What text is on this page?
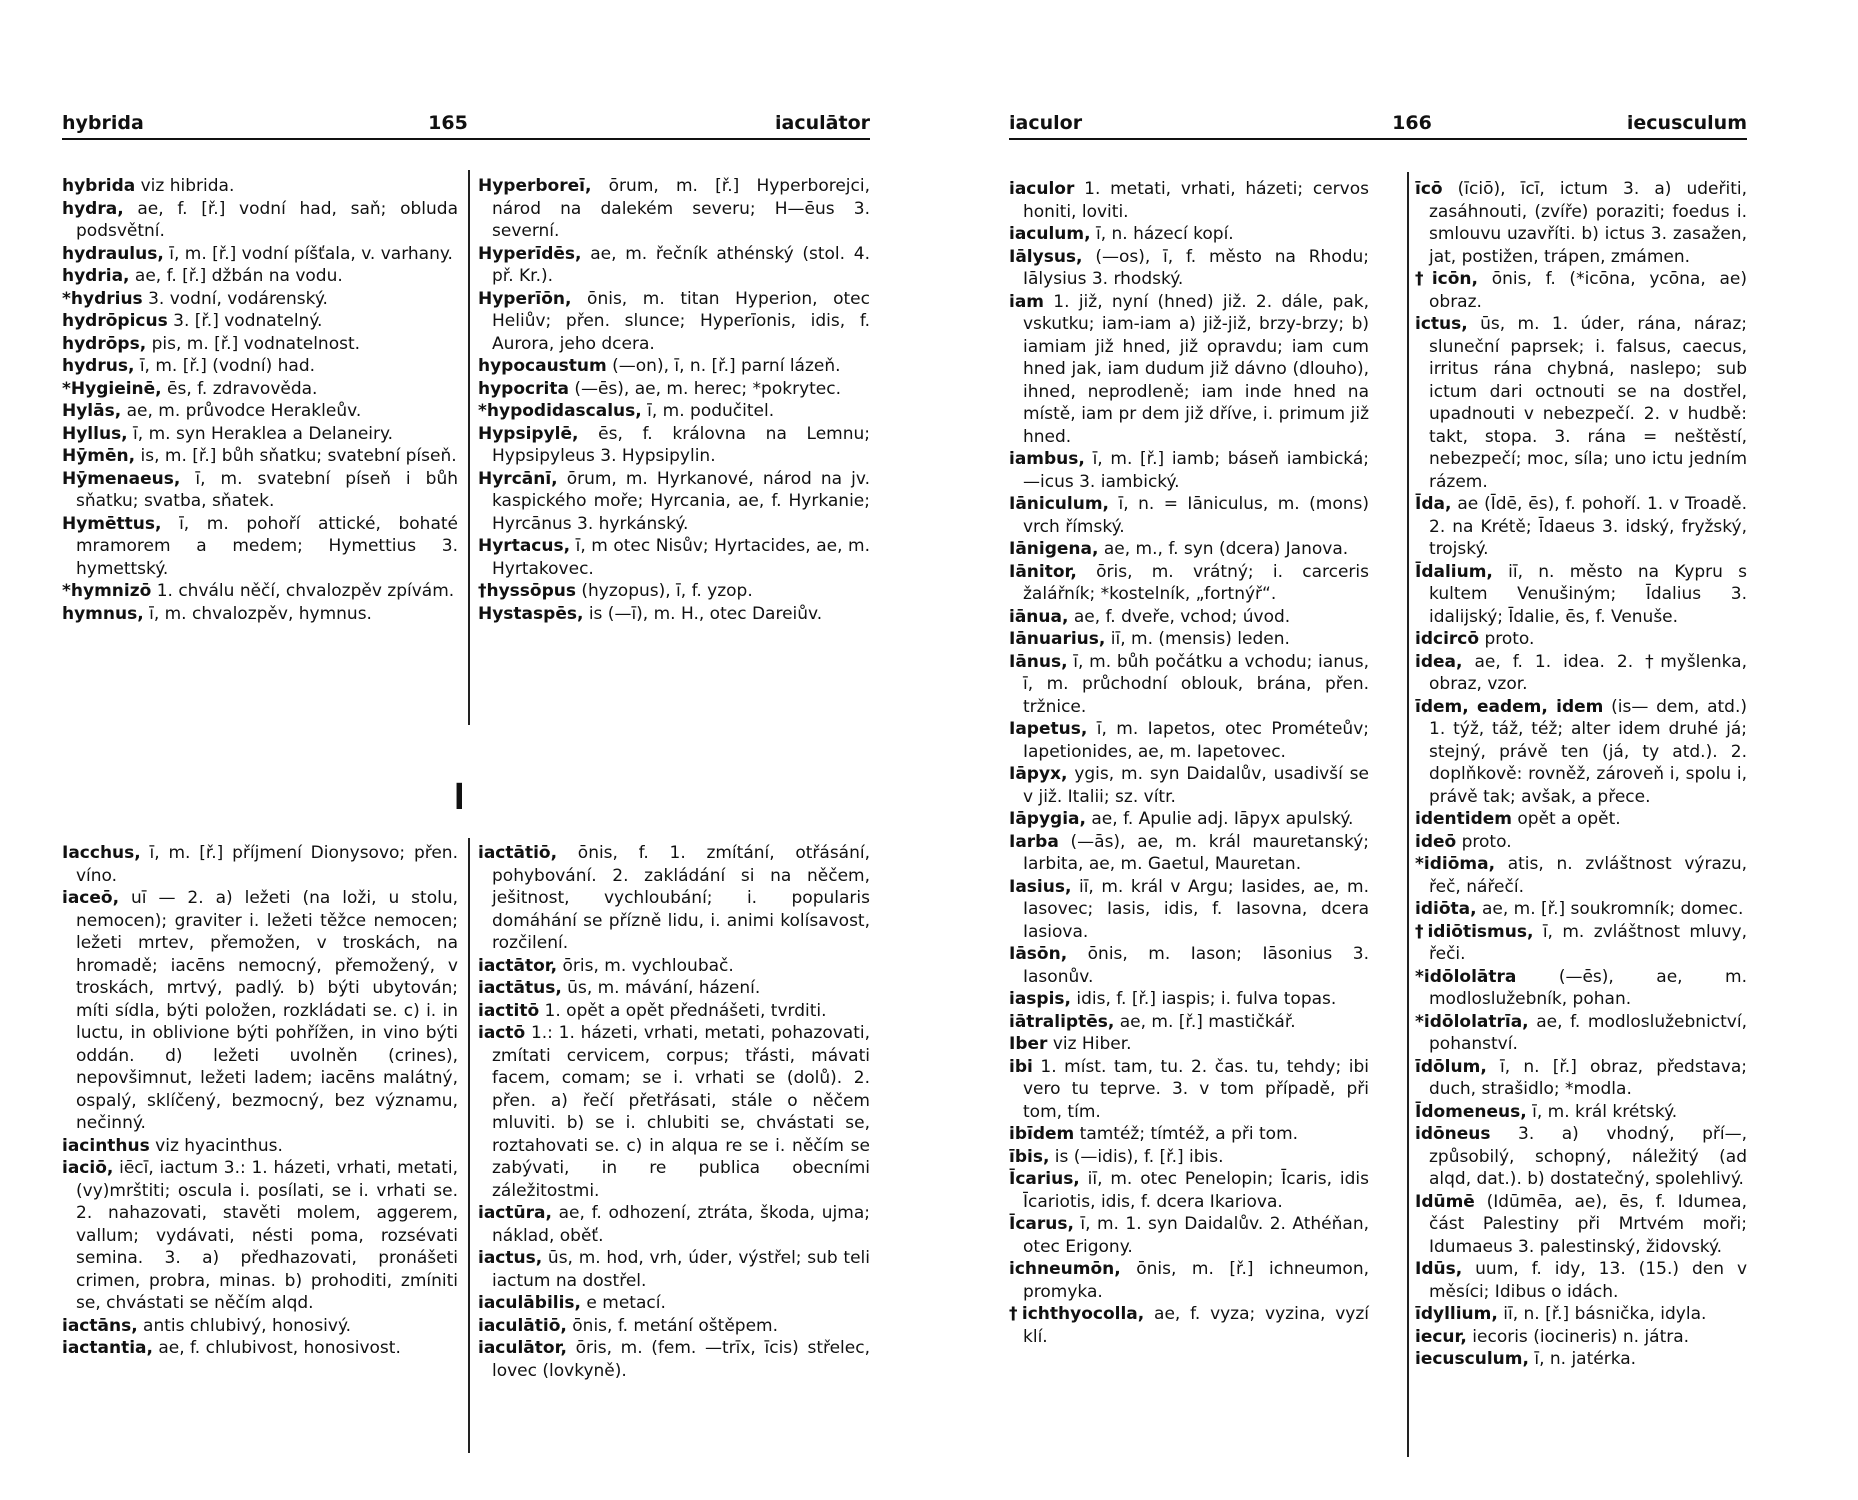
hybrida	165	iaculātor
hybrida viz hibrida.
hydra, ae, f. [ř.] vodní had, saň; obluda podsvětní.
hydraulus, ī, m. [ř.] vodní píšťala, v. varhany.
hydria, ae, f. [ř.] džbán na vodu.
*hydrius 3. vodní, vodárenský.
hydrōpicus 3. [ř.] vodnatelný.
hydrōps, pis, m. [ř.] vodnatelnost.
hydrus, ī, m. [ř.] (vodní) had.
*Hygieinē, ēs, f. zdravověda.
Hylās, ae, m. průvodce Herakleův.
Hyllus, ī, m. syn Heraklea a Delaneiry.
Hȳmēn, is, m. [ř.] bůh sňatku; svatební píseň.
Hȳmenaeus, ī, m. svatební píseň i bůh sňatku; svatba, sňatek.
Hymēttus, ī, m. pohoří attické, bohaté mramorem a medem; Hymettius 3. hymettský.
*hymnizō 1. chválu něčí, chvalozpěv zpívám.
hymnus, ī, m. chvalozpěv, hymnus.
Hyperboreī, ōrum, m. [ř.] Hyperborejci, národ na dalekém severu; H—ēus 3. severní.
Hyperīdēs, ae, m. řečník athénský (stol. 4. př. Kr.).
Hyperīōn, ōnis, m. titan Hyperion, otec Heliův; přen. slunce; Hyperīonis, idis, f. Aurora, jeho dcera.
hypocaustum (—on), ī, n. [ř.] parní lázeň.
hypocrita (—ēs), ae, m. herec; *pokrytec.
*hypodidascalus, ī, m. podučitel.
Hypsipylē, ēs, f. královna na Lemnu; Hypsipyleus 3. Hypsipylin.
Hyrcānī, ōrum, m. Hyrkanové, národ na jv. kaspického moře; Hyrcania, ae, f. Hyrkanie; Hyrcānus 3. hyrkánský.
Hyrtacus, ī, m otec Nisův; Hyrtacides, ae, m. Hyrtakovec.
†hyssōpus (hyzopus), ī, f. yzop.
Hystaspēs, is (—ī), m. H., otec Dareiův.
I
Iacchus, ī, m. [ř.] příjmení Dionysovo; přen. víno.
iaceō, uī — 2. a) ležeti (na loži, u stolu, nemocen); graviter i. ležeti těžce nemocen; ležeti mrtev, přemožen, v troskách, na hromadě; iacēns nemocný, přemožený, v troskách, mrtvý, padlý. b) býti ubytován; míti sídla, býti položen, rozkládati se. c) i. in luctu, in oblivione býti pohřížen, in vino býti oddán. d) ležeti uvolněn (crines), nepovšimnut, ležeti ladem; iacēns malátný, ospalý, sklíčený, bezmocný, bez významu, nečinný.
iacinthus viz hyacinthus.
iaciō, iēcī, iactum 3.: 1. házeti, vrhati, metati, (vy)mrštiti; oscula i. posílati, se i. vrhati se. 2. nahazovati, stavěti molem, aggerem, vallum; vydávati, nésti poma, rozsévati semina. 3. a) předhazovati, pronášeti crimen, probra, minas. b) prohoditi, zmíniti se, chvástati se něčím alqd.
iactāns, antis chlubivý, honosivý.
iactantia, ae, f. chlubivost, honosivost.
iactātiō, ōnis, f. 1. zmítání, otřásání, pohybování. 2. zakládání si na něčem, ješitnost, vychloubání; i. popularis domáhání se přízně lidu, i. animi kolísavost, rozčilení.
iactātor, ōris, m. vychloubač.
iactātus, ūs, m. mávání, házení.
iactitō 1. opět a opět přednášeti, tvrditi.
iactō 1.: 1. házeti, vrhati, metati, pohazovati, zmítati cervicem, corpus; třásti, mávati facem, comam; se i. vrhati se (dolů). 2. přen. a) řečí přetřásati, stále o něčem mluviti. b) se i. chlubiti se, chvástati se, roztahovati se. c) in alqua re se i. něčím se zabývati, in re publica obecními záležitostmi.
iactūra, ae, f. odhození, ztráta, škoda, ujma; náklad, oběť.
iactus, ūs, m. hod, vrh, úder, výstřel; sub teli iactum na dostřel.
iaculābilis, e metací.
iaculātiō, ōnis, f. metání oštěpem.
iaculātor, ōris, m. (fem. —trīx, īcis) střelec, lovec (lovkyně).
iaculor	166	iecusculum
iaculor 1. metati, vrhati, házeti; cervos honiti, loviti.
iaculum, ī, n. házecí kopí.
Iālysus, (—os), ī, f. město na Rhodu; Iālysius 3. rhodský.
iam 1. již, nyní (hned) již. 2. dále, pak, vskutku; iam-iam a) již-již, brzy-brzy; b) iamiam již hned, již opravdu; iam cum hned jak, iam dudum již dávno (dlouho), ihned, neprodleně; iam inde hned na místě, iam pr dem již dříve, i. primum již hned.
iambus, ī, m. [ř.] iamb; báseň iambická; —icus 3. iambický.
Iāniculum, ī, n. = Iāniculus, m. (mons) vrch římský.
Iānigena, ae, m., f. syn (dcera) Janova.
Iānitor, ōris, m. vrátný; i. carceris žalářník; *kostelník, „fortnýř“.
iānua, ae, f. dveře, vchod; úvod.
Iānuarius, iī, m. (mensis) leden.
Iānus, ī, m. bůh počátku a vchodu; ianus, ī, m. průchodní oblouk, brána, přen. tržnice.
Iapetus, ī, m. Iapetos, otec Prométeův; Iapetionides, ae, m. Iapetovec.
Iāpyx, ygis, m. syn Daidalův, usadivší se v již. Italii; sz. vítr.
Iāpygia, ae, f. Apulie adj. Iāpyx apulský.
Iarba (—ās), ae, m. král mauretanský; Iarbita, ae, m. Gaetul, Mauretan.
Iasius, iī, m. král v Argu; Iasides, ae, m. Iasovec; Iasis, idis, f. Iasovna, dcera Iasiova.
Iāsōn, ōnis, m. Iason; Iāsonius 3. Iasonův.
iaspis, idis, f. [ř.] iaspis; i. fulva topas.
iātraliptēs, ae, m. [ř.] mastičkář.
Iber viz Hiber.
ibi 1. míst. tam, tu. 2. čas. tu, tehdy; ibi vero tu teprve. 3. v tom případě, při tom, tím.
ibīdem tamtéž; tímtéž, a při tom.
ībis, is (—idis), f. [ř.] ibis.
Īcarius, iī, m. otec Penelopin; Īcaris, idis Īcariotis, idis, f. dcera Ikariova.
Īcarus, ī, m. 1. syn Daidalův. 2. Athéňan, otec Erigony.
ichneumōn, ōnis, m. [ř.] ichneumon, promyka.
†ichthyocolla, ae, f. vyza; vyzina, vyzí klí.
īcō (īciō), īcī, ictum 3. a) udeřiti, zasáhnouti, (zvíře) poraziti; foedus i. smlouvu uzavříti. b) ictus 3. zasažen, jat, postižen, trápen, zmámen.
†icōn, ōnis, f. (*icōna, ycōna, ae) obraz.
ictus, ūs, m. 1. úder, rána, náraz; sluneční paprsek; i. falsus, caecus, irritus rána chybná, naslepo; sub ictum dari octnouti se na dostřel, upadnouti v nebezpečí. 2. v hudbě: takt, stopa. 3. rána = neštěstí, nebezpečí; moc, síla; uno ictu jedním rázem.
Īda, ae (Īdē, ēs), f. pohoří. 1. v Troadě. 2. na Krétě; Īdaeus 3. idský, fryžský, trojský.
Īdalium, iī, n. město na Kypru s kultem Venušiným; Īdalius 3. idalijský; Īdalie, ēs, f. Venuše.
idcircō proto.
idea, ae, f. 1. idea. 2. †myšlenka, obraz, vzor.
īdem, eadem, idem (is— dem, atd.) 1. týž, táž, též; alter idem druhé já; stejný, právě ten (já, ty atd.). 2. doplňkově: rovněž, zároveň i, spolu i, právě tak; avšak, a přece.
identidem opět a opět.
ideō proto.
*idiōma, atis, n. zvláštnost výrazu, řeč, nářečí.
idiōta, ae, m. [ř.] soukromník; domec.
†idiōtismus, ī, m. zvláštnost mluvy, řeči.
*idōlolātra (—ēs), ae, m. modloslužebník, pohan.
*idōlolatrīa, ae, f. modloslužebnictví, pohanství.
īdōlum, ī, n. [ř.] obraz, představa; duch, strašidlo; *modla.
Īdomeneus, ī, m. král krétský.
idōneus 3. a) vhodný, pří—, způsobilý, schopný, náležitý (ad alqd, dat.). b) dostatečný, spolehlivý.
Idūmē (Idūmēa, ae), ēs, f. Idumea, část Palestiny při Mrtvém moři; Idumaeus 3. palestinský, židovský.
Idūs, uum, f. idy, 13. (15.) den v měsíci; Idibus o idách.
īdyllium, iī, n. [ř.] básnička, idyla.
iecur, iecoris (iocineris) n. játra.
iecusculum, ī, n. jatérka.
